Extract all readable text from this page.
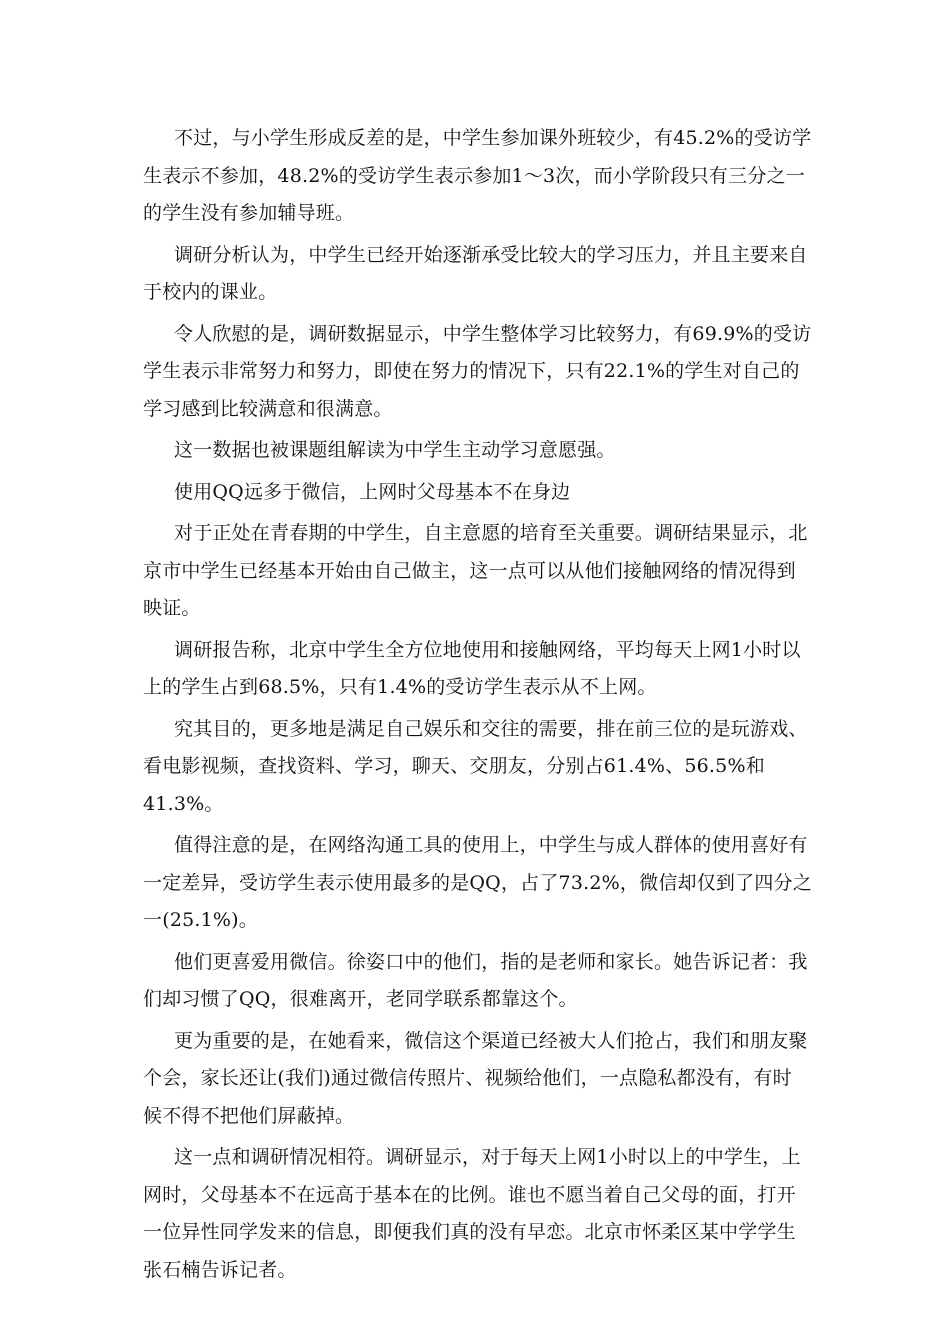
不过，与小学生形成反差的是，中学生参加课外班较少，有45.2%的受访学
生表示不参加，48.2%的受访学生表示参加1～3次，而小学阶段只有三分之一
的学生没有参加辅导班。

调研分析认为，中学生已经开始逐渐承受比较大的学习压力，并且主要来自
于校内的课业。

令人欣慰的是，调研数据显示，中学生整体学习比较努力，有69.9%的受访
学生表示非常努力和努力，即使在努力的情况下，只有22.1%的学生对自己的
学习感到比较满意和很满意。

这一数据也被课题组解读为中学生主动学习意愿强。

使用QQ远多于微信，上网时父母基本不在身边

对于正处在青春期的中学生，自主意愿的培育至关重要。调研结果显示，北
京市中学生已经基本开始由自己做主，这一点可以从他们接触网络的情况得到
映证。

调研报告称，北京中学生全方位地使用和接触网络，平均每天上网1小时以
上的学生占到68.5%，只有1.4%的受访学生表示从不上网。

究其目的，更多地是满足自己娱乐和交往的需要，排在前三位的是玩游戏、
看电影视频，查找资料、学习，聊天、交朋友，分别占61.4%、56.5%和
41.3%。

值得注意的是，在网络沟通工具的使用上，中学生与成人群体的使用喜好有
一定差异，受访学生表示使用最多的是QQ，占了73.2%，微信却仅到了四分之
一(25.1%)。

他们更喜爱用微信。徐姿口中的他们，指的是老师和家长。她告诉记者：我
们却习惯了QQ，很难离开，老同学联系都靠这个。

更为重要的是，在她看来，微信这个渠道已经被大人们抢占，我们和朋友聚
个会，家长还让(我们)通过微信传照片、视频给他们，一点隐私都没有，有时
候不得不把他们屏蔽掉。

这一点和调研情况相符。调研显示，对于每天上网1小时以上的中学生，上
网时，父母基本不在远高于基本在的比例。谁也不愿当着自己父母的面，打开
一位异性同学发来的信息，即便我们真的没有早恋。北京市怀柔区某中学学生
张石楠告诉记者。
